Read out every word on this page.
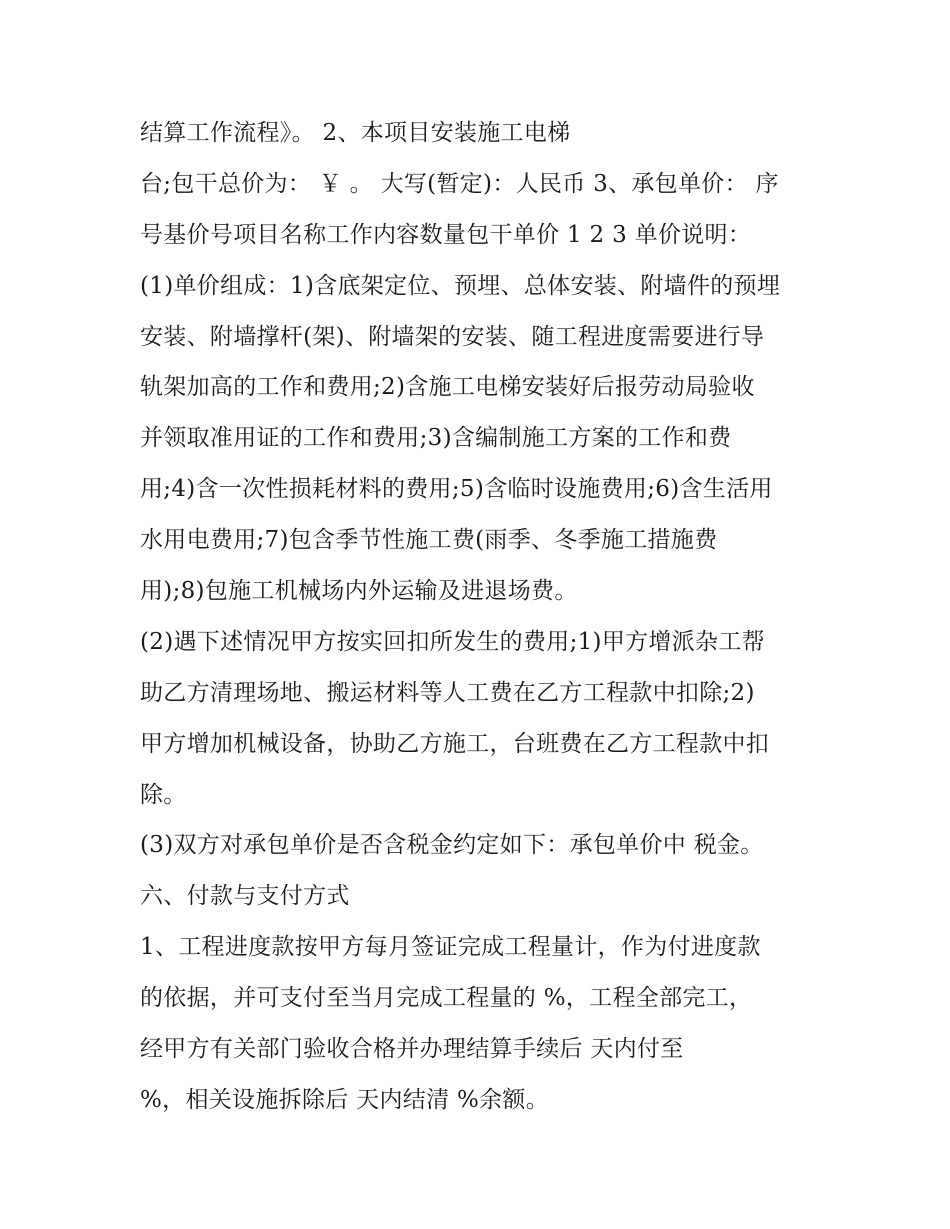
结算工作流程》。 2、本项目安装施工电梯
台;包干总价为： ￥ 。 大写(暂定)：人民币 3、承包单价： 序
号基价号项目名称工作内容数量包干单价 1 2 3 单价说明：
(1)单价组成：1)含底架定位、预埋、总体安装、附墙件的预埋
安装、附墙撑杆(架)、附墙架的安装、随工程进度需要进行导
轨架加高的工作和费用;2)含施工电梯安装好后报劳动局验收
并领取准用证的工作和费用;3)含编制施工方案的工作和费
用;4)含一次性损耗材料的费用;5)含临时设施费用;6)含生活用
水用电费用;7)包含季节性施工费(雨季、冬季施工措施费
用);8)包施工机械场内外运输及进退场费。
(2)遇下述情况甲方按实回扣所发生的费用;1)甲方增派杂工帮
助乙方清理场地、搬运材料等人工费在乙方工程款中扣除;2)
甲方增加机械设备，协助乙方施工，台班费在乙方工程款中扣
除。
(3)双方对承包单价是否含税金约定如下：承包单价中 税金。
六、付款与支付方式
1、工程进度款按甲方每月签证完成工程量计，作为付进度款
的依据，并可支付至当月完成工程量的 %，工程全部完工，
经甲方有关部门验收合格并办理结算手续后 天内付至
%，相关设施拆除后 天内结清 %余额。
